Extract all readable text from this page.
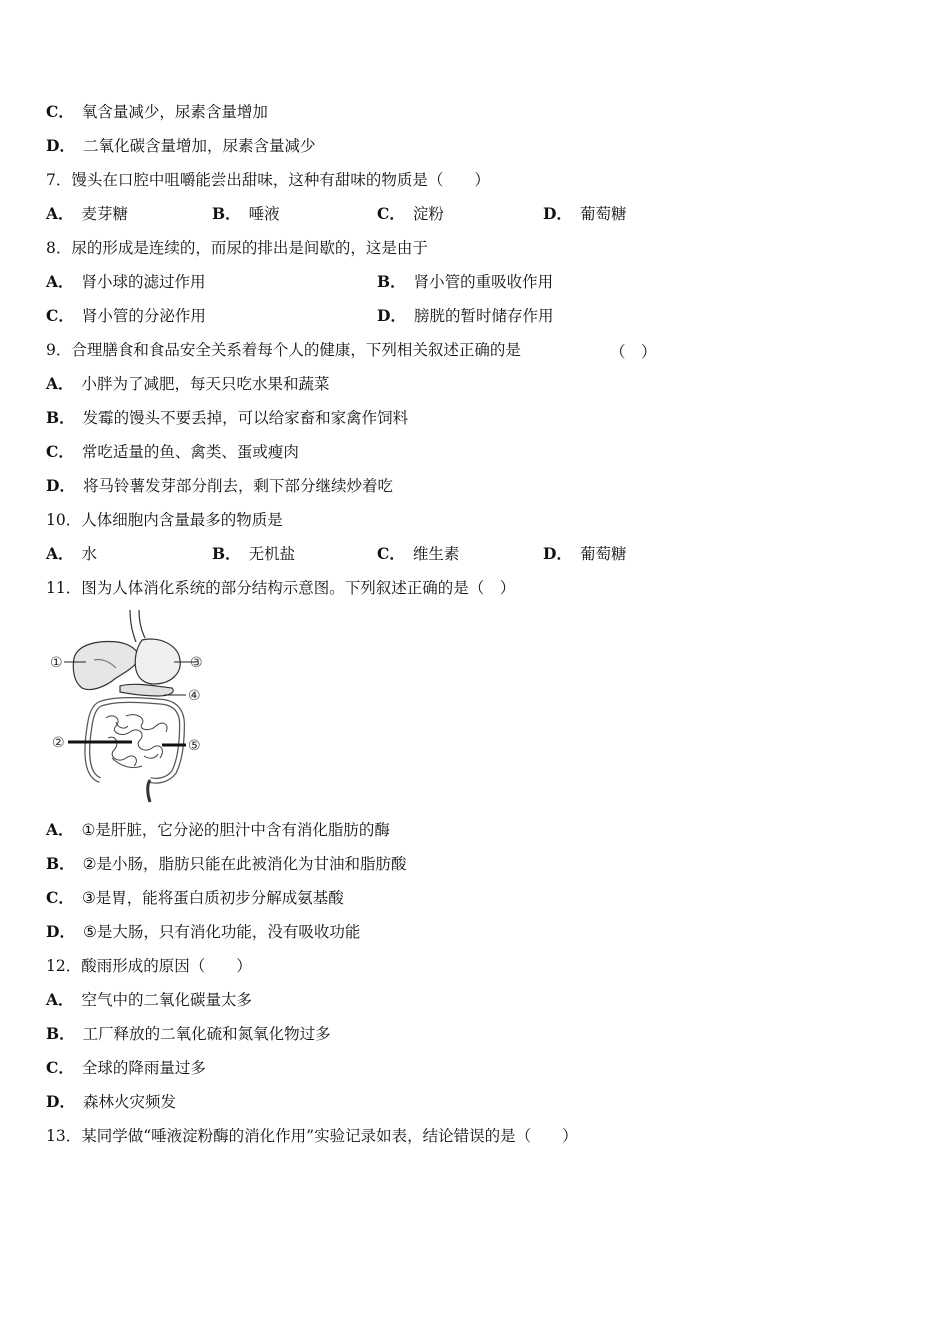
C． 氧含量减少，尿素含量增加
D． 二氧化碳含量增加，尿素含量减少
7．馒头在口腔中咀嚼能尝出甜味，这种有甜味的物质是（　　）
A． 麦芽糖	B． 唾液	C． 淀粉	D． 葡萄糖
8．尿的形成是连续的，而尿的排出是间歇的，这是由于
A． 肾小球的滤过作用	B． 肾小管的重吸收作用
C． 肾小管的分泌作用	D． 膀胱的暂时储存作用
9．合理膳食和食品安全关系着每个人的健康，下列相关叙述正确的是	（　）
A． 小胖为了减肥，每天只吃水果和蔬菜
B． 发霉的馒头不要丢掉，可以给家畜和家禽作饲料
C． 常吃适量的鱼、禽类、蛋或瘦肉
D． 将马铃薯发芽部分削去，剩下部分继续炒着吃
10．人体细胞内含量最多的物质是
A． 水	B． 无机盐	C． 维生素	D． 葡萄糖
11．图为人体消化系统的部分结构示意图。下列叙述正确的是（　）
①
②
③
④
⑤
A． ①是肝脏，它分泌的胆汁中含有消化脂肪的酶
B． ②是小肠，脂肪只能在此被消化为甘油和脂肪酸
C． ③是胃，能将蛋白质初步分解成氨基酸
D． ⑤是大肠，只有消化功能，没有吸收功能
12．酸雨形成的原因（　　）
A． 空气中的二氧化碳量太多
B． 工厂释放的二氧化硫和氮氧化物过多
C． 全球的降雨量过多
D． 森林火灾频发
13．某同学做“唾液淀粉酶的消化作用”实验记录如表，结论错误的是（　　）
